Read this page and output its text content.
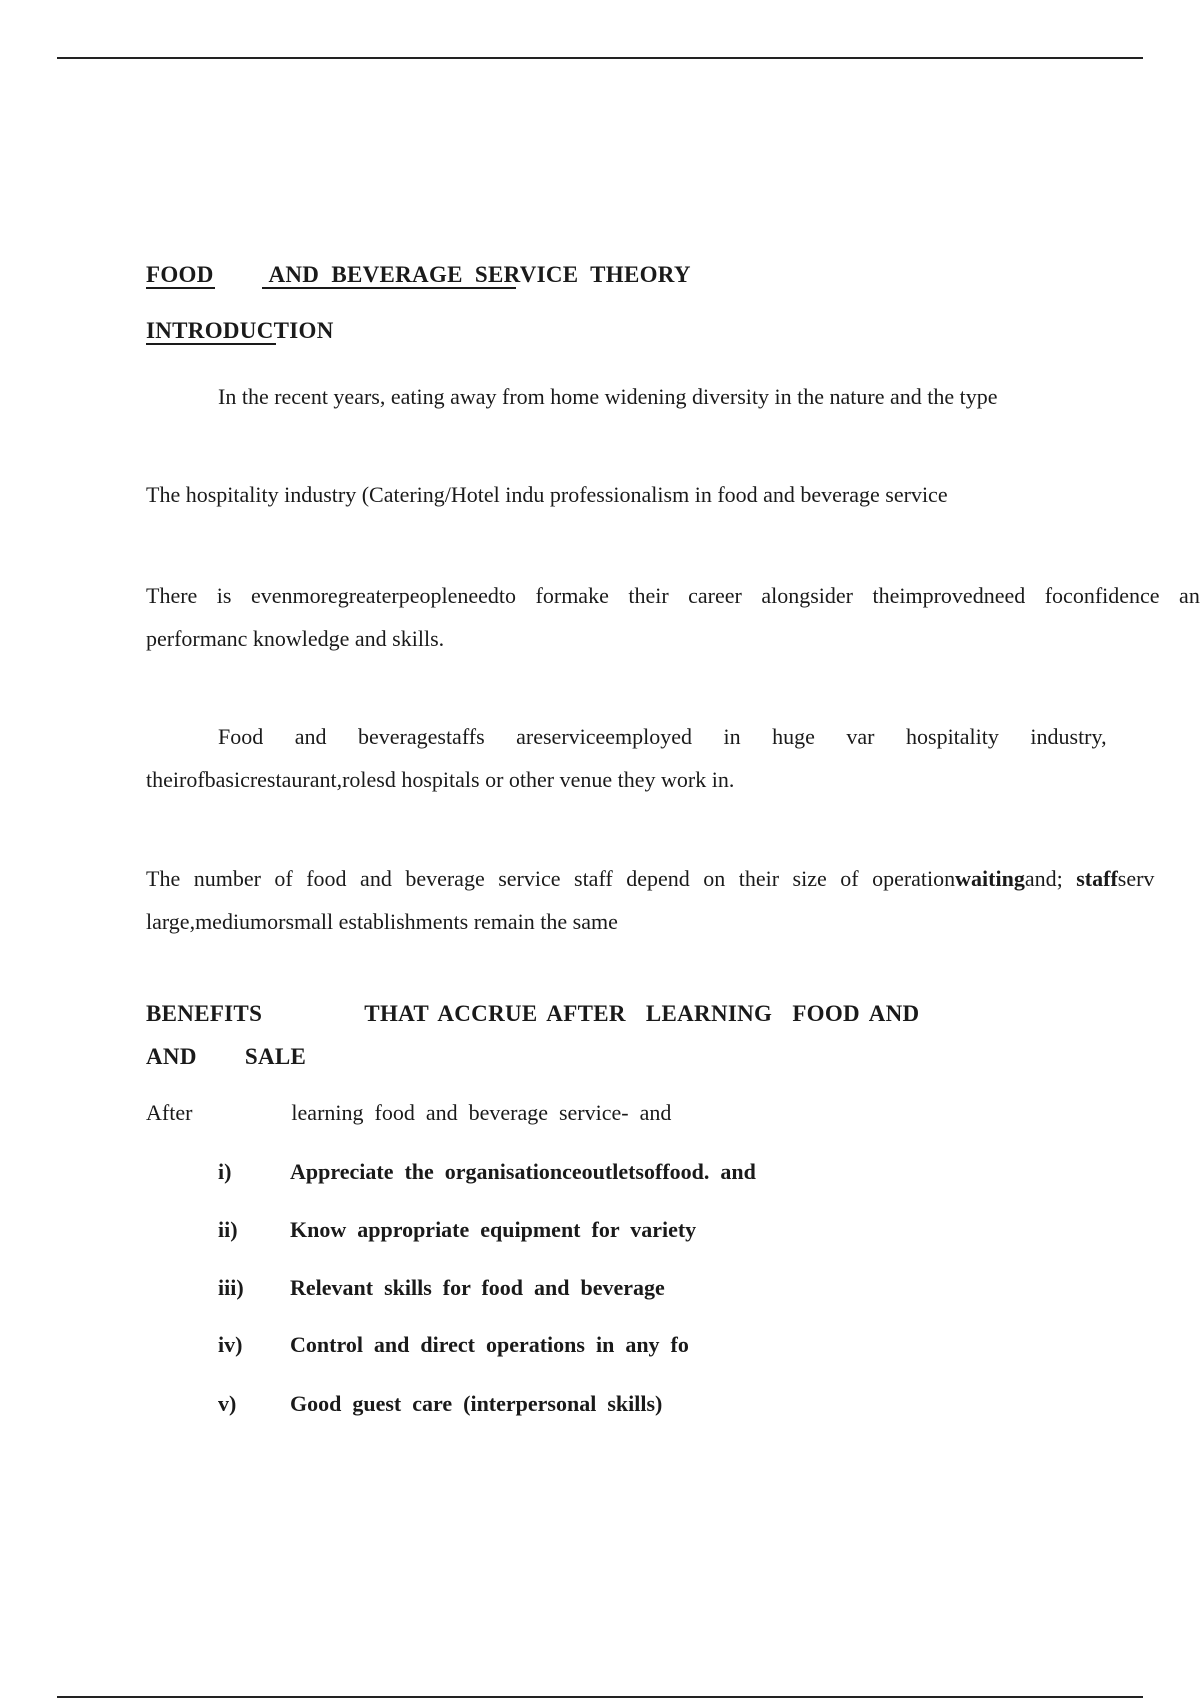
FOOD AND  BEVERAGE  SERVICE  THEORY
INTRODUCTION
In the recent years, eating away from home widening diversity in the nature and the type
The hospitality industry (Catering/Hotel indu professionalism in food and beverage service
There is evenmoregreaterpeopleneedto formake their career alongsider theimprovedneed foconfidence an
performanc knowledge and skills.
Food and beveragestaffs areserviceemployed in huge var hospitality industry,
theirofbasicrestaurant,rolesd hospitals or other venue they work in.
The number of food and beverage service staff depend on their size of operationwaitingand; staffserv
large,mediumorsmall establishments remain the same
BENEFITS	THAT ACCRUE AFTER  LEARNING  FOOD AND
AND SALE
After	learning  food  and  beverage  service-  and
i)	Appreciate  the  organisationceoutletsoffood.  and
ii) Know  appropriate  equipment  for  variety
iii) Relevant  skills  for  food  and  beverage
iv) Control  and  direct  operations  in  any  fo
v) Good  guest  care  (interpersonal  skills)
